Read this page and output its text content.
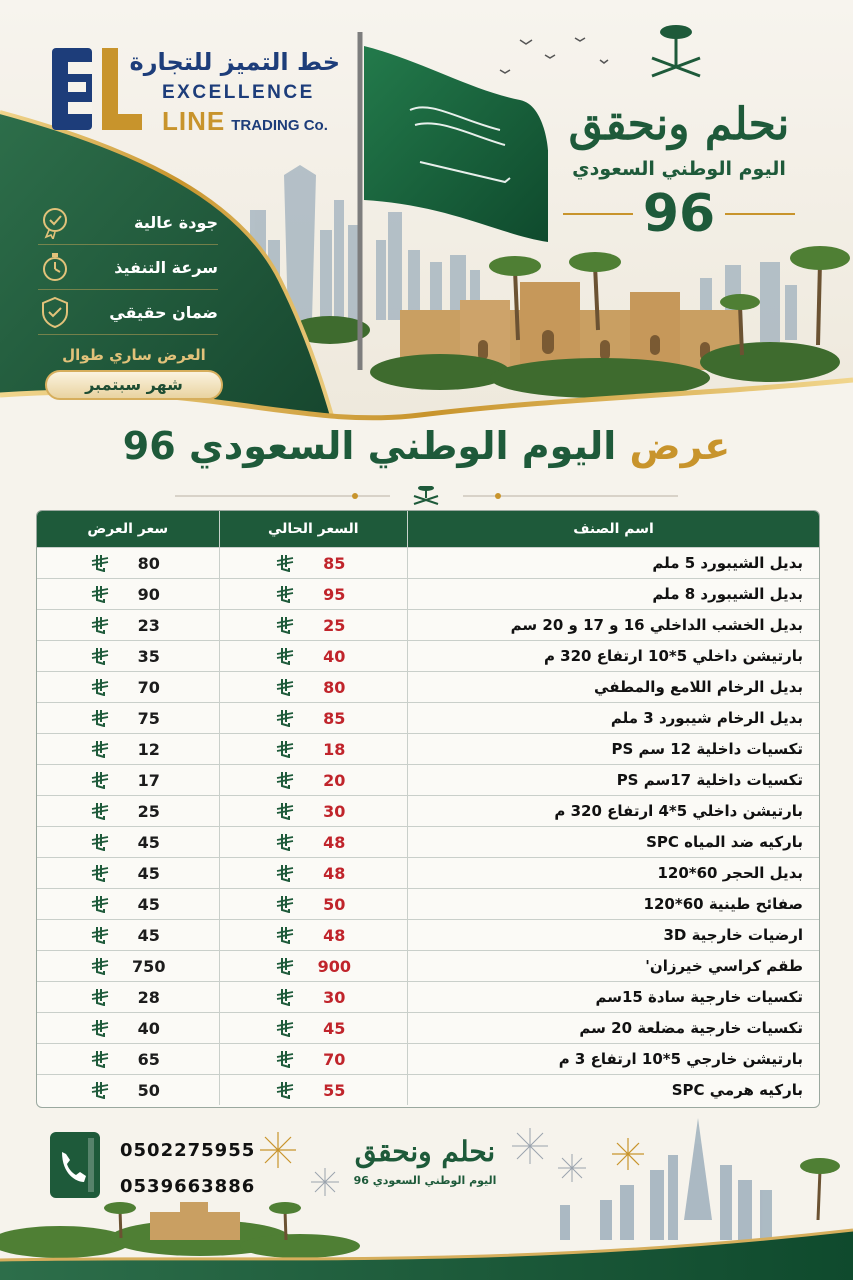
خط التميز للتجارة
EXCELLENCE
LINE TRADING Co.
جودة عالية
سرعة التنفيذ
ضمان حقيقي
العرض ساري طوال
شهر سبتمبر
نحلم ونحقق
اليوم الوطني السعودي
96
عرض اليوم الوطني السعودي 96
اسم الصنف
السعر الحالي
سعر العرض
بديل الشيبورد 5 ملم
85
80
بديل الشيبورد 8 ملم
95
90
بديل الخشب الداخلي 16 و 17 و 20 سم
25
23
بارتيشن داخلي 5*10 ارتفاع 320 م
40
35
بديل الرخام اللامع والمطفي
80
70
بديل الرخام شيبورد 3 ملم
85
75
تكسيات داخلية 12 سم PS
18
12
تكسيات داخلية 17سم PS
20
17
بارتيشن داخلي 5*4 ارتفاع 320 م
30
25
باركيه ضد المياه SPC
48
45
بديل الحجر 60*120
48
45
صفائح طينية 60*120
50
45
ارضيات خارجية 3D
48
45
طقم كراسي خيرزان'
900
750
تكسيات خارجية سادة 15سم
30
28
تكسيات خارجية مضلعة 20 سم
45
40
بارتيشن خارجي 5*10 ارتفاع 3 م
70
65
باركيه هرمي SPC
55
50
0502275955
0539663886
نحلم ونحقق
اليوم الوطني السعودي 96
